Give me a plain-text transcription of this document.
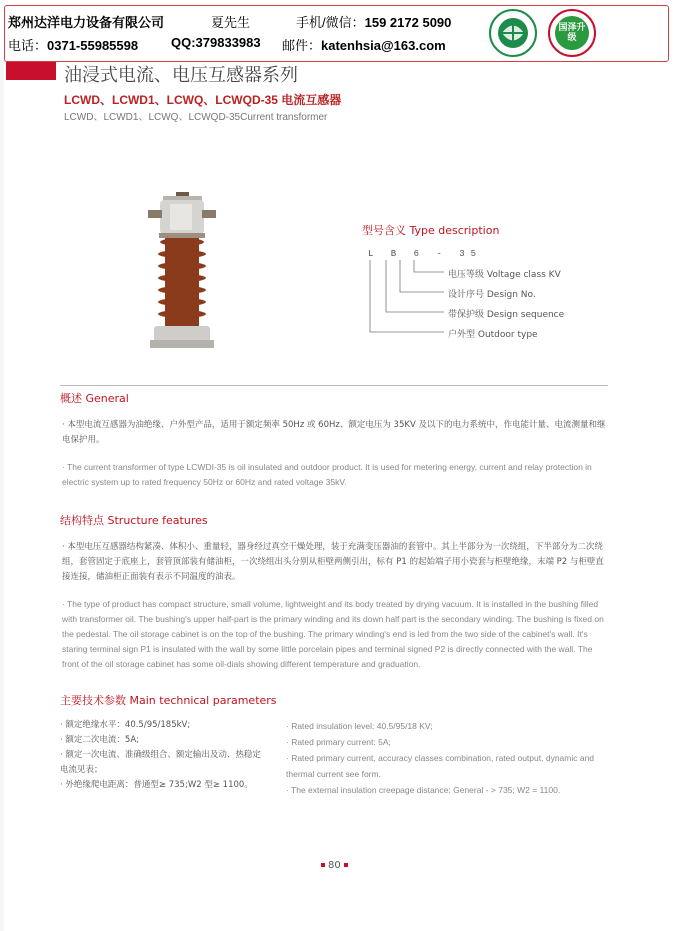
郑州达洋电力设备有限公司	夏先生	手机/微信：159 2172 5090
电话：0371-55985598	QQ:379833983 邮件：katenhsia@163.com
国泽升级
油浸式电流、电压互感器系列
LCWD、LCWD1、LCWQ、LCWQD-35 电流互感器
LCWD、LCWD1、LCWQ、LCWQD-35Current transformer
型号含义 Type description
L B 6 - 35
电压等级 Voltage class KV
设计序号 Design No.
带保护级 Design sequence
户外型 Outdoor type
概述 General
· 本型电流互感器为油绝缘、户外型产品，适用于额定频率 50Hz 或 60Hz、额定电压为 35KV 及以下的电力系统中，作电能计量、电流测量和继电保护用。
· The current transformer of type LCWDI-35 is oil insulated and outdoor product. It is used for metering energy, current and relay protection in electric system up to rated frequency 50Hz or 60Hz and rated voltage 35kV.
结构特点 Structure features
· 本型电压互感器结构紧凑、体积小、重量轻，器身经过真空干燥处理，装于充满变压器油的套管中。其上半部分为一次绕组，下半部分为二次绕组，套管固定于底座上，套管顶部装有储油柜，一次绕组出头分别从柜壁两侧引出，标有 P1 的起始端子用小瓷套与柜壁绝缘，末端 P2 与柜壁直接连接，储油柜正面装有表示不同温度的油表。
· The type of product has compact structure, small volume, lightweight and its body treated by drying vacuum. It is installed in the bushing filled with transformer oil. The bushing's upper half-part is the primary winding and its down half part is the secondary winding. The bushing is fixed on the pedestal. The oil storage cabinet is on the top of the bushing. The primary winding's end is led from the two side of the cabinet's wall. It's staring terminal sign P1 is insulated with the wall by some little porcelain pipes and terminal signed P2 is directly connected with the wall. The front of the oil storage cabinet has some oil-dials showing different temperature and graduation.
主要技术参数 Main technical parameters
· 额定绝缘水平：40.5/95/185kV;
· 额定二次电流：5A;
· 额定一次电流、准确级组合、额定输出及动、热稳定电流见表；
· 外绝缘爬电距离：普通型≥ 735;W2 型≥ 1100。
· Rated insulation level: 40.5/95/18 KV;
· Rated primary current: 5A;
· Rated primary current, accuracy classes combination, rated output, dynamic and thermal current see form.
· The external insulation creepage distance: General - > 735; W2 = 1100.
80
